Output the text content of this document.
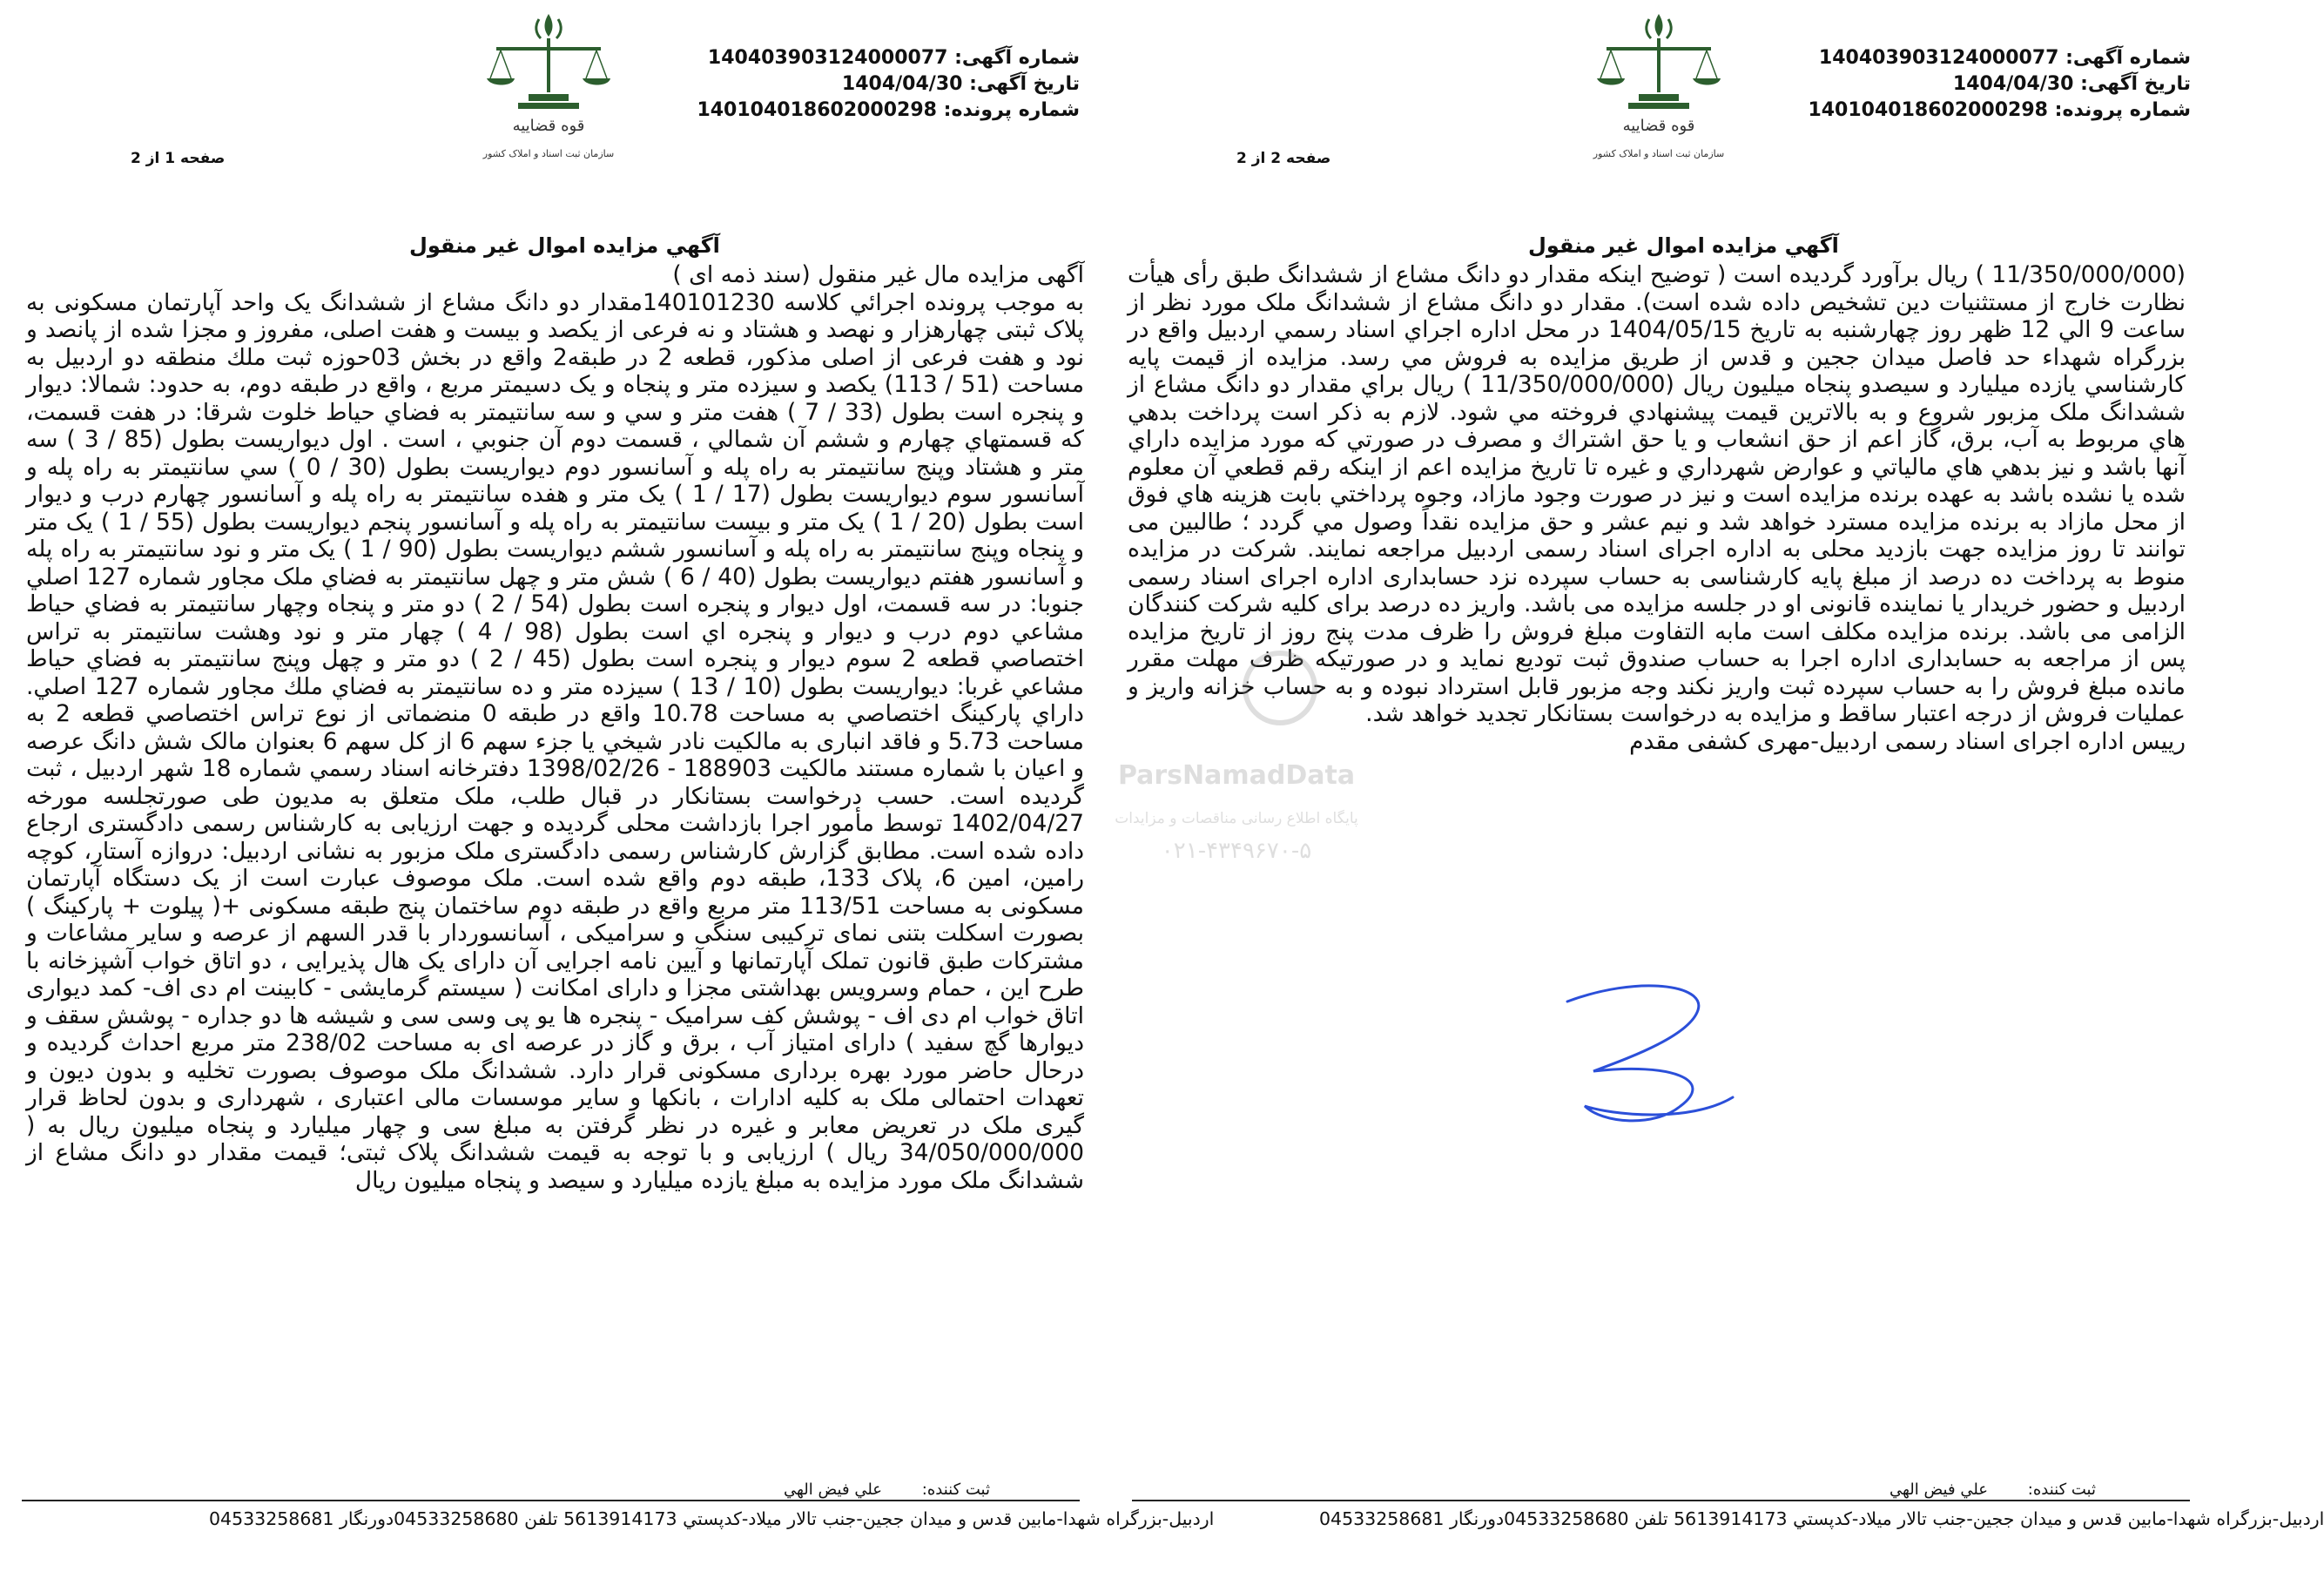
شماره آگهی: 140403903124000077
تاریخ آگهی: 1404/04/30
شماره پرونده: 140104018602000298
قوه قضاییه
سازمان ثبت اسناد و املاک کشور
صفحه 1 از 2
آگهي مزايده اموال غير منقول

آگهی مزایده مال غیر منقول (سند ذمه ای )

به موجب پرونده اجرائي کلاسه 140101230مقدار دو دانگ مشاع از ششدانگ یک واحد آپارتمان مسکونی به پلاک ثبتی چهارهزار و نهصد و هشتاد و نه فرعی از یکصد و بیست و هفت اصلی، مفروز و مجزا شده از پانصد و نود و هفت فرعی از اصلی مذکور، قطعه 2 در طبقه2 واقع در بخش 03حوزه ثبت ملك منطقه دو اردبیل به مساحت (51 / 113) یکصد و سیزده متر و پنجاه و یک دسیمتر مربع ، واقع در طبقه دوم، به حدود: شمالا: دیوار و پنجره است بطول (33 / 7 ) هفت متر و سي و سه سانتيمتر به فضاي حياط خلوت شرقا: در هفت قسمت، که قسمتهاي چهارم و ششم آن شمالي ، قسمت دوم آن جنوبي ، است . اول ديواريست بطول (85 / 3 ) سه متر و هشتاد وپنج سانتيمتر به راه پله و آسانسور دوم ديواريست بطول (30 / 0 ) سي سانتيمتر به راه پله و آسانسور سوم ديواريست بطول (17 / 1 ) یک متر و هفده سانتيمتر به راه پله و آسانسور چهارم درب و ديوار است بطول (20 / 1 ) يک متر و بيست سانتيمتر به راه پله و آسانسور پنجم ديواريست بطول (55 / 1 ) یک متر و پنجاه وپنج سانتيمتر به راه پله و آسانسور ششم ديواريست بطول (90 / 1 ) يک متر و نود سانتيمتر به راه پله و آسانسور هفتم ديواريست بطول (40 / 6 ) شش متر و چهل سانتيمتر به فضاي ملک مجاور شماره 127 اصلي جنوبا: در سه قسمت، اول ديوار و پنجره است بطول (54 / 2 ) دو متر و پنجاه وچهار سانتيمتر به فضاي حياط مشاعي دوم درب و ديوار و پنجره اي است بطول (98 / 4 ) چهار متر و نود وهشت سانتيمتر به تراس اختصاصي قطعه 2 سوم ديوار و پنجره است بطول (45 / 2 ) دو متر و چهل وپنج سانتيمتر به فضاي حياط مشاعي غربا: ديواريست بطول (10 / 13 ) سيزده متر و ده سانتيمتر به فضاي ملك مجاور شماره 127 اصلي. داراي پارکينگ اختصاصي به مساحت 10.78 واقع در طبقه 0 منضماتی از نوع تراس اختصاصي قطعه 2 به مساحت 5.73 و فاقد انباری به مالکیت نادر شیخي یا جزء سهم 6 از کل سهم 6 بعنوان مالک شش دانگ عرصه و اعیان با شماره مستند مالکیت 188903 - 1398/02/26 دفترخانه اسناد رسمي شماره 18 شهر اردبیل ، ثبت گردیده است. حسب درخواست بستانکار در قبال طلب، ملک متعلق به مدیون طی صورتجلسه مورخه 1402/04/27 توسط مأمور اجرا بازداشت محلی گردیده و جهت ارزیابی به کارشناس رسمی دادگستری ارجاع داده شده است. مطابق گزارش کارشناس رسمی دادگستری ملک مزبور به نشانی اردبیل: دروازه آستار، کوچه رامین، امین 6، پلاک 133، طبقه دوم واقع شده است. ملک موصوف عبارت است از یک دستگاه آپارتمان مسکونی به مساحت 113/51 متر مربع واقع در طبقه دوم ساختمان پنج طبقه مسکونی +( پیلوت + پارکینگ ) بصورت اسکلت بتنی نمای ترکیبی سنگی و سرامیکی ، آسانسوردار با قدر السهم از عرصه و سایر مشاعات و مشترکات طبق قانون تملک آپارتمانها و آیین نامه اجرایی آن دارای یک هال پذیرایی ، دو اتاق خواب آشپزخانه با طرح این ، حمام وسرویس بهداشتی مجزا و دارای امکانت ( سیستم گرمایشی - کابینت ام دی اف- کمد دیواری اتاق خواب ام دی اف - پوشش کف سرامیک - پنجره ها یو پی وسی سی و شیشه ها دو جداره - پوشش سقف و دیوارها گچ سفید ) دارای امتیاز آب ، برق و گاز در عرصه ای به مساحت 238/02 متر مربع احداث گردیده و درحال حاضر مورد بهره برداری مسکونی قرار دارد. ششدانگ ملک موصوف بصورت تخلیه و بدون دیون و تعهدات احتمالی ملک به کلیه ادارات ، بانکها و سایر موسسات مالی اعتباری ، شهرداری و بدون لحاظ قرار گیری ملک در تعریض معابر و غیره در نظر گرفتن به مبلغ سی و چهار میلیارد و پنجاه میلیون ریال به ( 34/050/000/000 ریال ) ارزیابی و با توجه به قیمت ششدانگ پلاک ثبتی؛ قیمت مقدار دو دانگ مشاع از ششدانگ ملک مورد مزایده به مبلغ یازده میلیارد و سیصد و پنجاه میلیون ریال

ثبت کننده: علي فيض الهي
اردبیل-بزرگراه شهدا-مابین قدس و میدان ججین-جنب تالار میلاد-کدپستي 5613914173 تلفن 04533258680دورنگار 04533258681
شماره آگهی: 140403903124000077
تاریخ آگهی: 1404/04/30
شماره پرونده: 140104018602000298
قوه قضاییه
سازمان ثبت اسناد و املاک کشور
صفحه 2 از 2
آگهي مزايده اموال غير منقول

(11/350/000/000 ) ریال برآورد گردیده است ( توضیح اینکه مقدار دو دانگ مشاع از ششدانگ طبق رأی هیأت نظارت خارج از مستثنیات دین تشخیص داده شده است). مقدار دو دانگ مشاع از ششدانگ ملک مورد نظر از ساعت 9 الي 12 ظهر روز چهارشنبه به تاريخ 1404/05/15 در محل اداره اجراي اسناد رسمي اردبيل واقع در بزرگراه شهداء حد فاصل ميدان ججين و قدس از طريق مزايده به فروش مي رسد. مزايده از قيمت پايه كارشناسي يازده ميليارد و سيصدو پنجاه ميليون ريال (11/350/000/000 ) ريال براي مقدار دو دانگ مشاع از ششدانگ ملک مزبور شروع و به بالاترين قيمت پيشنهادي فروخته مي شود. لازم به ذكر است پرداخت بدهي هاي مربوط به آب، برق، گاز اعم از حق انشعاب و يا حق اشتراك و مصرف در صورتي كه مورد مزايده داراي آنها باشد و نيز بدهي هاي مالياتي و عوارض شهرداري و غيره تا تاريخ مزايده اعم از اينكه رقم قطعي آن معلوم شده يا نشده باشد به عهده برنده مزايده است و نيز در صورت وجود مازاد، وجوه پرداختي بابت هزينه هاي فوق از محل مازاد به برنده مزايده مسترد خواهد شد و نيم عشر و حق مزايده نقداً وصول مي گردد ؛ طالبين مى توانند تا روز مزايده جهت بازديد محلى به اداره اجراى اسناد رسمى اردبيل مراجعه نمايند. شرکت در مزايده منوط به پرداخت ده درصد از مبلغ پايه کارشناسی به حساب سپرده نزد حسابداری اداره اجرای اسناد رسمی اردبیل و حضور خریدار یا نماینده قانونی او در جلسه مزایده می باشد. واریز ده درصد برای کلیه شرکت کنندگان الزامی می باشد. برنده مزایده مکلف است مابه التفاوت مبلغ فروش را ظرف مدت پنج روز از تاریخ مزایده پس از مراجعه به حسابداری اداره اجرا به حساب صندوق ثبت تودیع نماید و در صورتیکه ظرف مهلت مقرر مانده مبلغ فروش را به حساب سپرده ثبت واریز نکند وجه مزبور قابل استرداد نبوده و به حساب خزانه واریز و عملیات فروش از درجه اعتبار ساقط و مزایده به درخواست بستانکار تجدید خواهد شد.

رییس اداره اجرای اسناد رسمی اردبیل-مهری کشفی مقدم

ParsNamadData
پایگاه اطلاع رسانی مناقصات و مزایدات
۰۲۱-۴۳۴۹۶۷۰-۵
ثبت کننده: علي فيض الهي
اردبیل-بزرگراه شهدا-مابین قدس و میدان ججین-جنب تالار میلاد-کدپستي 5613914173 تلفن 04533258680دورنگار 04533258681
